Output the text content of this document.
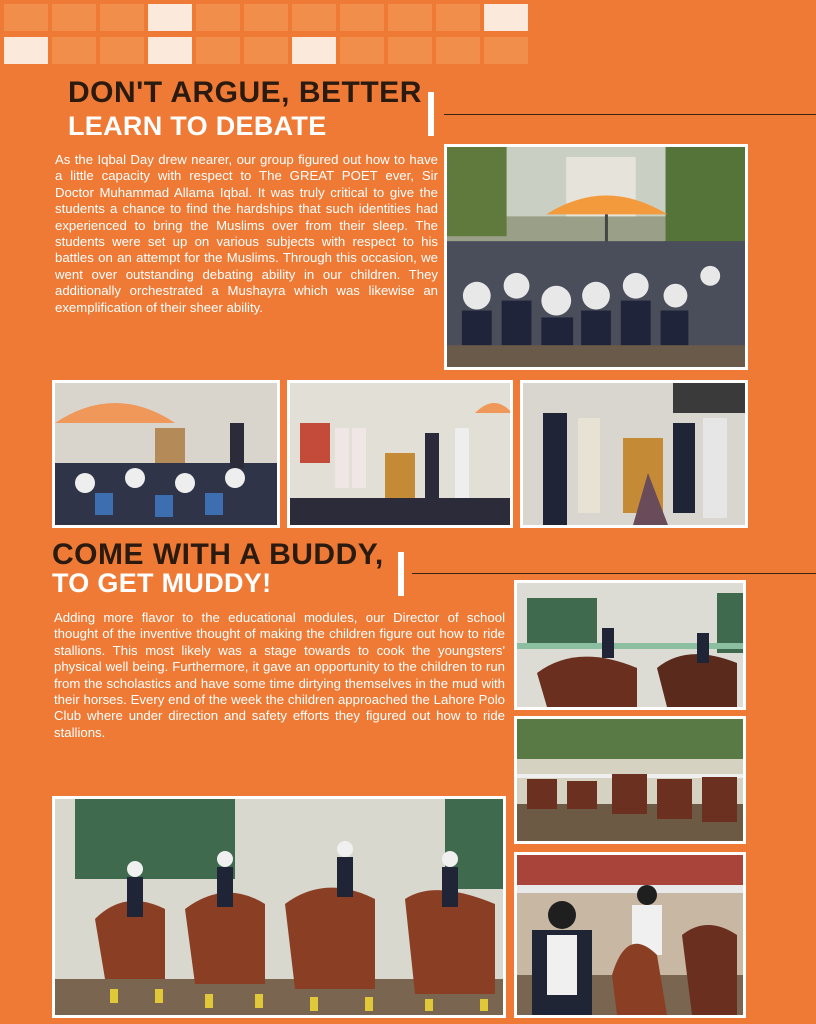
DON'T ARGUE, BETTER
LEARN TO DEBATE

As the Iqbal Day drew nearer, our group figured out how to have a little capacity with respect to The GREAT POET ever, Sir Doctor Muhammad Allama Iqbal. It was truly critical to give the students a chance to find the hardships that such identities had experienced to bring the Muslims over from their sleep. The students were set up on various subjects with respect to his battles on an attempt for the Muslims. Through this occasion, we went over outstanding debating ability in our children. They additionally orchestrated a Mushayra which was likewise an exemplification of their sheer ability.

COME WITH A BUDDY,
TO GET MUDDY!

Adding more flavor to the educational modules, our Director of school thought of the inventive thought of making the children figure out how to ride stallions. This most likely was a stage towards to cook the youngsters' physical well being. Furthermore, it gave an opportunity to the children to run from the scholastics and have some time dirtying themselves in the mud with their horses. Every end of the week the children approached the Lahore Polo Club where under direction and safety efforts they figured out how to ride stallions.
